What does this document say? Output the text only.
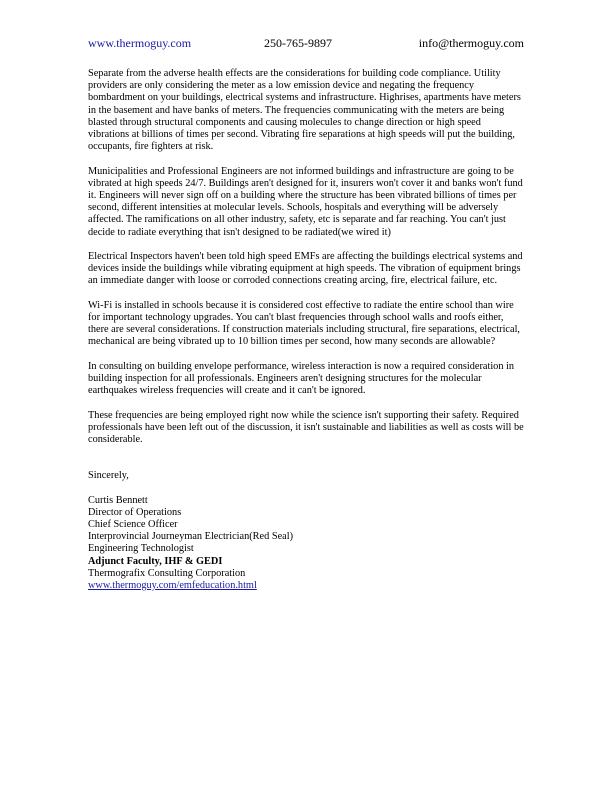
www.thermoguy.com	250-765-9897	info@thermoguy.com

Separate from the adverse health effects are the considerations for building code compliance. Utility providers are only considering the meter as a low emission device and negating the frequency bombardment on your buildings, electrical systems and infrastructure. Highrises, apartments have meters in the basement and have banks of meters. The frequencies communicating with the meters are being blasted through structural components and causing molecules to change direction or high speed vibrations at billions of times per second. Vibrating fire separations at high speeds will put the building, occupants, fire fighters at risk.

Municipalities and Professional Engineers are not informed buildings and infrastructure are going to be vibrated at high speeds 24/7. Buildings aren't designed for it, insurers won't cover it and banks won't fund it. Engineers will never sign off on a building where the structure has been vibrated billions of times per second, different intensities at molecular levels. Schools, hospitals and everything will be adversely affected. The ramifications on all other industry, safety, etc is separate and far reaching. You can't just decide to radiate everything that isn't designed to be radiated(we wired it)

Electrical Inspectors haven't been told high speed EMFs are affecting the buildings electrical systems and devices inside the buildings while vibrating equipment at high speeds. The vibration of equipment brings an immediate danger with loose or corroded connections creating arcing, fire, electrical failure, etc.

Wi-Fi is installed in schools because it is considered cost effective to radiate the entire school than wire for important technology upgrades. You can't blast frequencies through school walls and roofs either, there are several considerations. If construction materials including structural, fire separations, electrical, mechanical are being vibrated up to 10 billion times per second, how many seconds are allowable?

In consulting on building envelope performance, wireless interaction is now a required consideration in building inspection for all professionals. Engineers aren't designing structures for the molecular earthquakes wireless frequencies will create and it can't be ignored.

These frequencies are being employed right now while the science isn't supporting their safety. Required professionals have been left out of the discussion, it isn't sustainable and liabilities as well as costs will be considerable.

Sincerely,

Curtis Bennett
Director of Operations
Chief Science Officer
Interprovincial Journeyman Electrician(Red Seal)
Engineering Technologist
Adjunct Faculty, IHF & GEDI
Thermografix Consulting Corporation
www.thermoguy.com/emfeducation.html
